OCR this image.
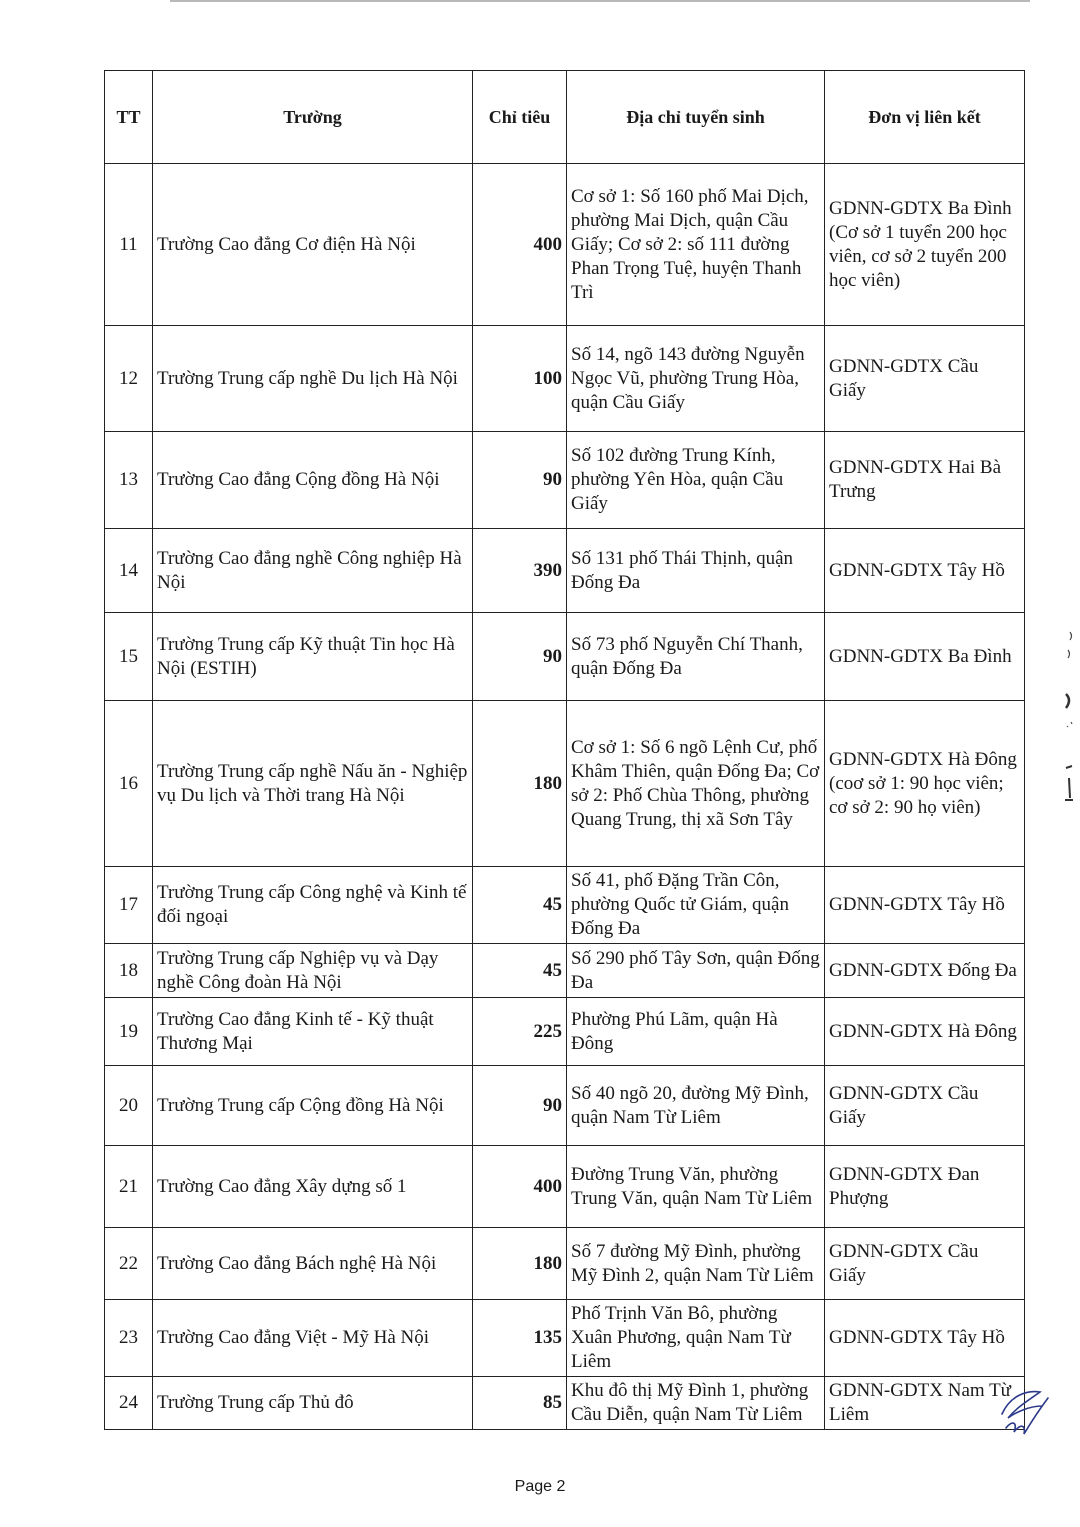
TT	Trường	Chỉ tiêu	Địa chỉ tuyển sinh	Đơn vị liên kết
11	Trường Cao đẳng Cơ điện Hà Nội	400	Cơ sở 1: Số 160 phố Mai Dịch, phường Mai Dịch, quận Cầu Giấy; Cơ sở 2: số 111 đường Phan Trọng Tuệ, huyện Thanh Trì	GDNN-GDTX Ba Đình (Cơ sở 1 tuyển 200 học viên, cơ sở 2 tuyển 200 học viên)
12	Trường Trung cấp nghề Du lịch Hà Nội	100	Số 14, ngõ 143 đường Nguyễn Ngọc Vũ, phường Trung Hòa, quận Cầu Giấy	GDNN-GDTX Cầu Giấy
13	Trường Cao đẳng Cộng đồng Hà Nội	90	Số 102 đường Trung Kính, phường Yên Hòa, quận Cầu Giấy	GDNN-GDTX Hai Bà Trưng
14	Trường Cao đẳng nghề Công nghiệp Hà Nội	390	Số 131 phố Thái Thịnh, quận Đống Đa	GDNN-GDTX Tây Hồ
15	Trường Trung cấp Kỹ thuật Tin học Hà Nội (ESTIH)	90	Số 73 phố Nguyễn Chí Thanh, quận Đống Đa	GDNN-GDTX Ba Đình
16	Trường Trung cấp nghề Nấu ăn - Nghiệp vụ Du lịch và Thời trang Hà Nội	180	Cơ sở 1: Số 6 ngõ Lệnh Cư, phố Khâm Thiên, quận Đống Đa; Cơ sở 2: Phố Chùa Thông, phường Quang Trung, thị xã Sơn Tây	GDNN-GDTX Hà Đông (coơ sở 1: 90 học viên; cơ sở 2: 90 họ viên)
17	Trường Trung cấp Công nghệ và Kinh tế đối ngoại	45	Số 41, phố Đặng Trần Côn, phường Quốc tử Giám, quận Đống Đa	GDNN-GDTX Tây Hồ
18	Trường Trung cấp Nghiệp vụ và Dạy nghề Công đoàn Hà Nội	45	Số 290 phố Tây Sơn, quận Đống Đa	GDNN-GDTX Đống Đa
19	Trường Cao đẳng Kinh tế - Kỹ thuật Thương Mại	225	Phường Phú Lãm, quận Hà Đông	GDNN-GDTX Hà Đông
20	Trường Trung cấp Cộng đồng Hà Nội	90	Số 40 ngõ 20, đường Mỹ Đình, quận Nam Từ Liêm	GDNN-GDTX Cầu Giấy
21	Trường Cao đẳng Xây dựng số 1	400	Đường Trung Văn, phường Trung Văn, quận Nam Từ Liêm	GDNN-GDTX Đan Phượng
22	Trường Cao đẳng Bách nghệ Hà Nội	180	Số 7 đường Mỹ Đình, phường Mỹ Đình 2, quận Nam Từ Liêm	GDNN-GDTX Cầu Giấy
23	Trường Cao đẳng Việt - Mỹ Hà Nội	135	Phố Trịnh Văn Bô, phường Xuân Phương, quận Nam Từ Liêm	GDNN-GDTX Tây Hồ
24	Trường Trung cấp Thủ đô	85	Khu đô thị Mỹ Đình 1, phường Cầu Diễn, quận Nam Từ Liêm	GDNN-GDTX Nam Từ Liêm
Page 2
